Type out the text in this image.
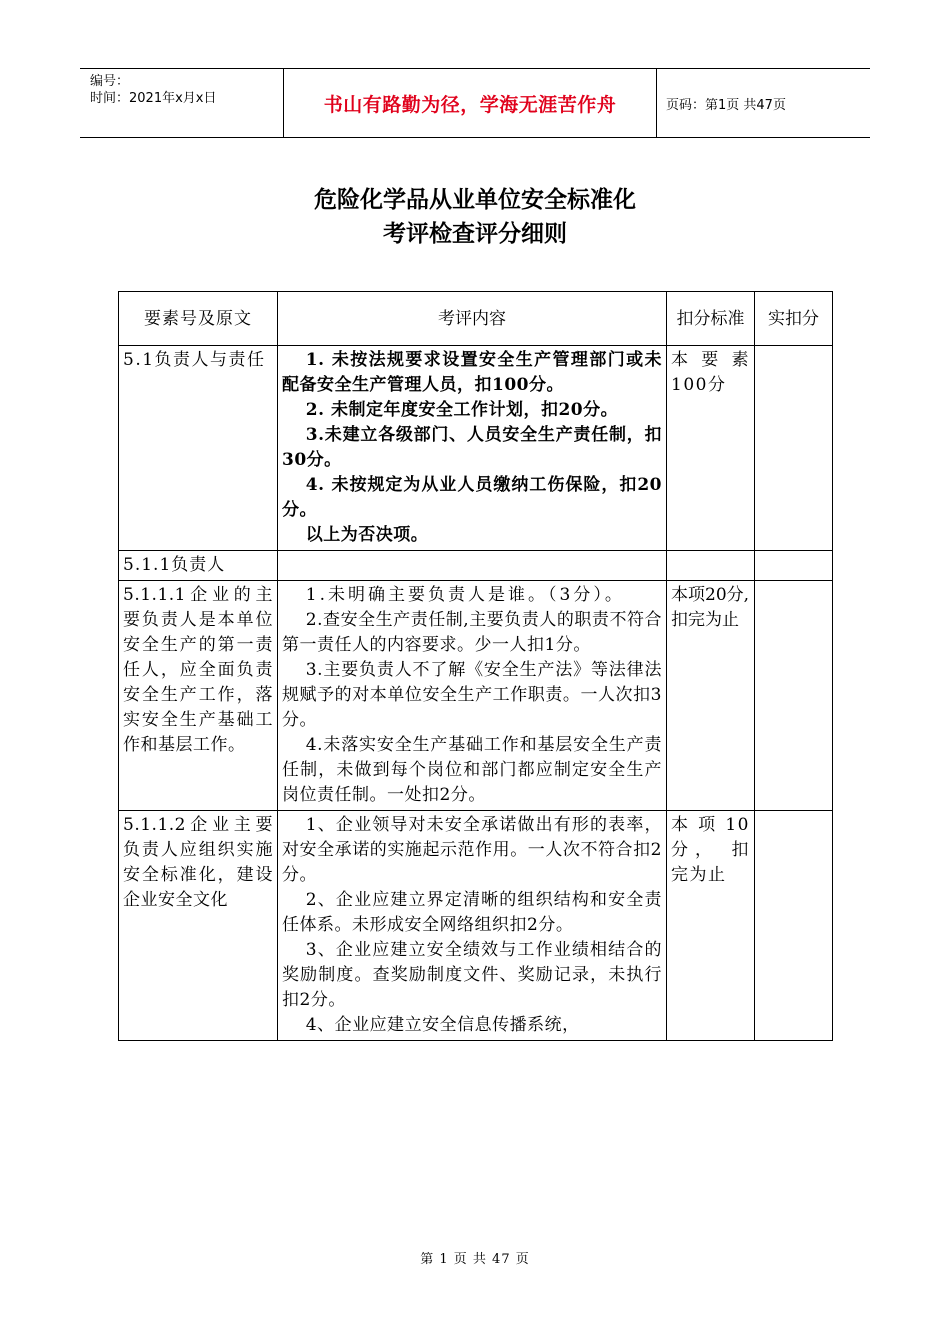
编号：
时间：2021年x月x日	书山有路勤为径，学海无涯苦作舟	页码：第1页 共47页
危险化学品从业单位安全标准化
考评检查评分细则
要素号及原文	考评内容	扣分标准	实扣分
5.1负责人与责任	1. 未按法规要求设置安全生产管理部门或未配备安全生产管理人员，扣100分。
2. 未制定年度安全工作计划，扣20分。
3.未建立各级部门、人员安全生产责任制，扣30分。
4. 未按规定为从业人员缴纳工伤保险，扣20分。
以上为否决项。	本要素100分	
5.1.1负责人			
5.1.1.1企业的主要负责人是本单位安全生产的第一责任人，应全面负责安全生产工作，落实安全生产基础工作和基层工作。	1.未明确主要负责人是谁。（3分）。
2.查安全生产责任制,主要负责人的职责不符合第一责任人的内容要求。少一人扣1分。
3.主要负责人不了解《安全生产法》等法律法规赋予的对本单位安全生产工作职责。一人次扣3分。
4.未落实安全生产基础工作和基层安全生产责任制，未做到每个岗位和部门都应制定安全生产岗位责任制。一处扣2分。	本项20分,扣完为止	
5.1.1.2企业主要负责人应组织实施安全标准化，建设企业安全文化	1、企业领导对未安全承诺做出有形的表率， 对安全承诺的实施起示范作用。一人次不符合扣2分。
2、企业应建立界定清晰的组织结构和安全责任体系。未形成安全网络组织扣2分。
3、企业应建立安全绩效与工作业绩相结合的奖励制度。查奖励制度文件、奖励记录，未执行扣2分。
4、企业应建立安全信息传播系统，	本项10分， 扣完为止	
第 1 页 共 47 页
